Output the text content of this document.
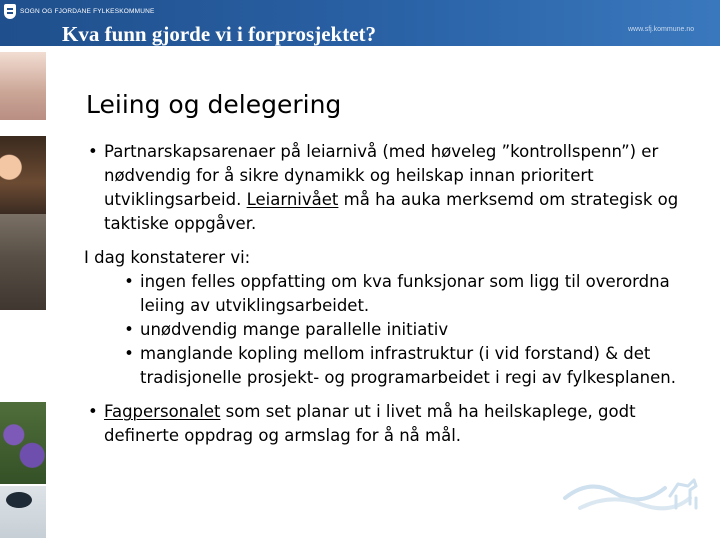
SOGN OG FJORDANE FYLKESKOMMUNE
Kva funn gjorde vi i forprosjektet?	www.sfj.kommune.no
Leiing og delegering

• Partnarskapsarenaer på leiarnivå (med høveleg ”kontrollspenn”) er nødvendig for å sikre dynamikk og heilskap innan prioritert utviklingsarbeid. Leiarnivået må ha auka merksemd om strategisk og taktiske oppgåver.

I dag konstaterer vi:

• ingen felles oppfatting om kva funksjonar som ligg til overordna leiing av utviklingsarbeidet.

• unødvendig mange parallelle initiativ

• manglande kopling mellom infrastruktur (i vid forstand) & det tradisjonelle prosjekt- og programarbeidet i regi av fylkesplanen.

• Fagpersonalet som set planar ut i livet må ha heilskaplege, godt definerte oppdrag og armslag for å nå mål.
